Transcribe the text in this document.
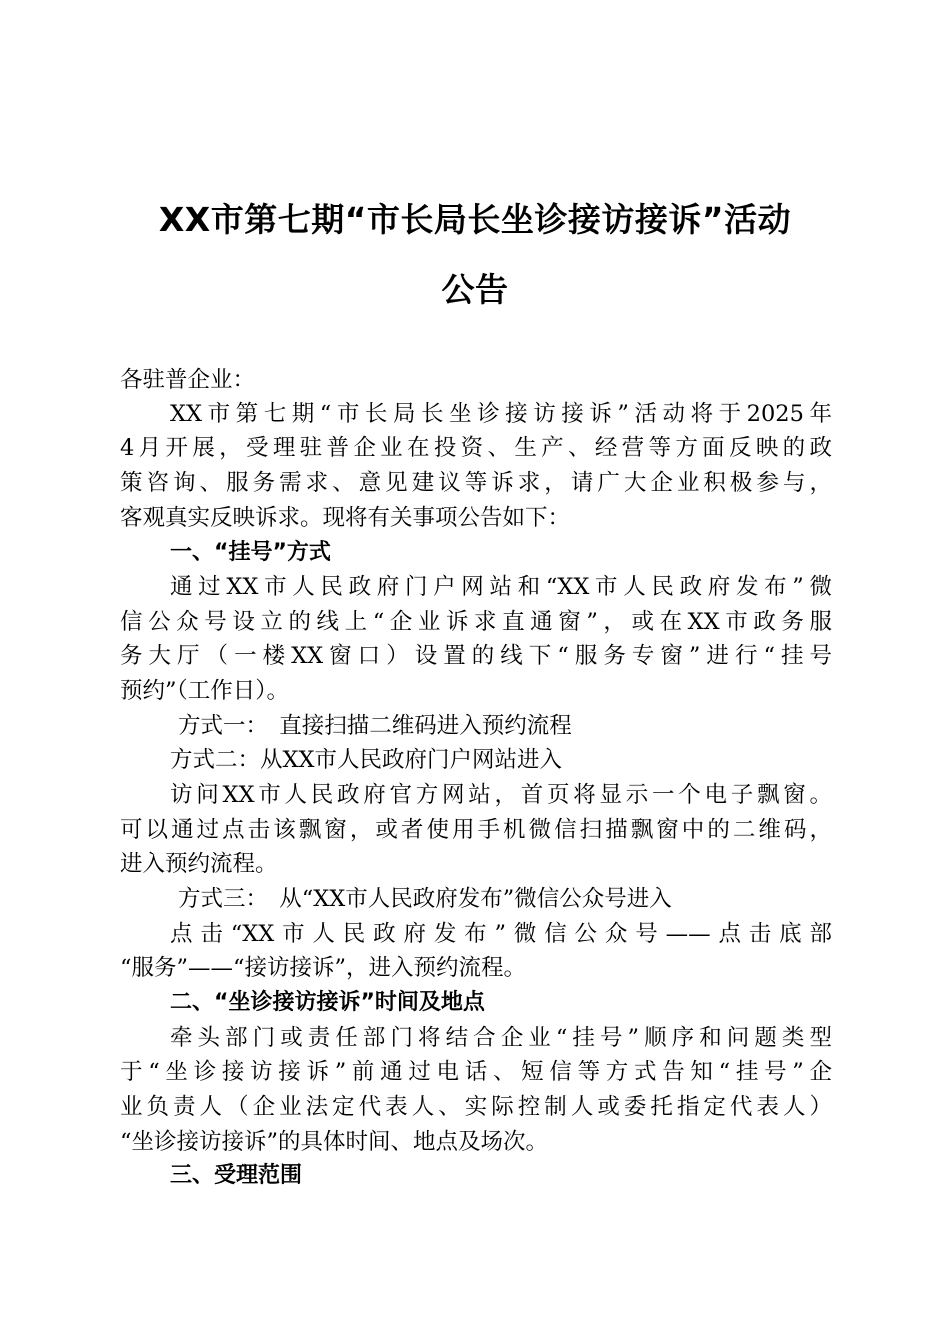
XX市第七期“市长局长坐诊接访接诉”活动
公告

各驻普企业：

XX市第七期“市长局长坐诊接访接诉”活动将于2025年

4月开展，受理驻普企业在投资、生产、经营等方面反映的政

策咨询、服务需求、意见建议等诉求，请广大企业积极参与，

客观真实反映诉求。现将有关事项公告如下：

一、“挂号”方式

通过XX市人民政府门户网站和“XX市人民政府发布”微

信公众号设立的线上“企业诉求直通窗”，或在XX市政务服

务大厅（一楼XX窗口）设置的线下“服务专窗”进行“挂号

预约”（工作日）。

方式一：　直接扫描二维码进入预约流程

方式二：从XX市人民政府门户网站进入

访问XX市人民政府官方网站，首页将显示一个电子飘窗。

可以通过点击该飘窗，或者使用手机微信扫描飘窗中的二维码，

进入预约流程。

方式三：　从“XX市人民政府发布”微信公众号进入

点击“XX市人民政府发布”微信公众号——点击底部

“服务”——“接访接诉”，进入预约流程。

二、“坐诊接访接诉”时间及地点

牵头部门或责任部门将结合企业“挂号”顺序和问题类型

于“坐诊接访接诉”前通过电话、短信等方式告知“挂号”企

业负责人（企业法定代表人、实际控制人或委托指定代表人）

“坐诊接访接诉”的具体时间、地点及场次。

三、受理范围
